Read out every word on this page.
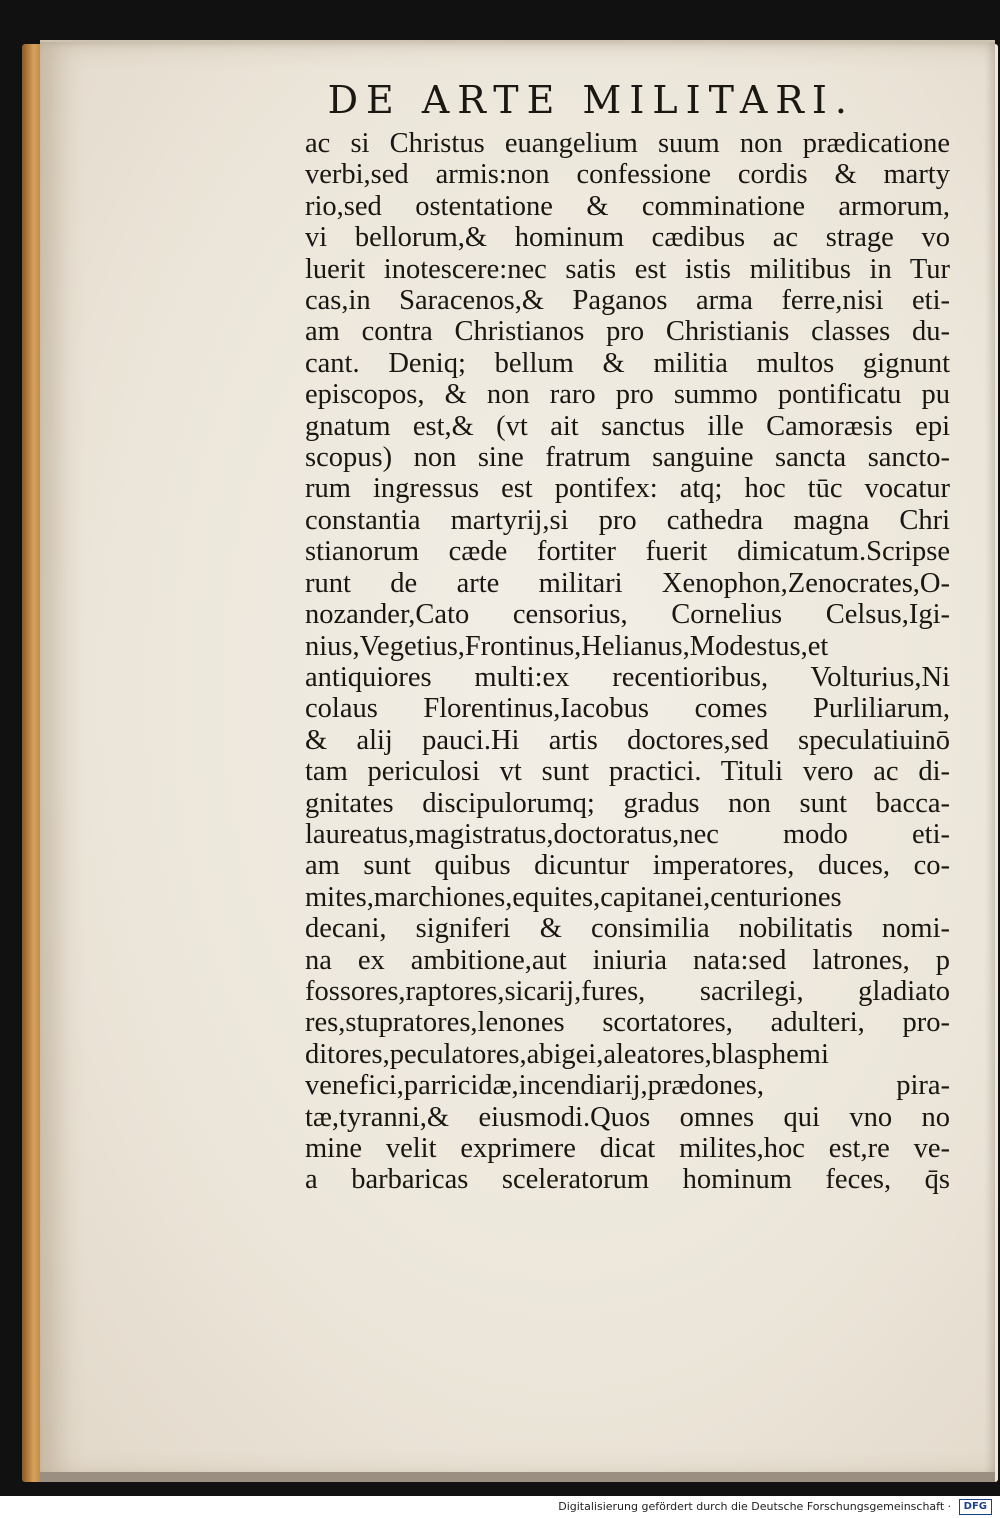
DE ARTE MILITARI.
ac si Christus euangelium suum non prædicatione
verbi,sed armis:non confessione cordis & marty
rio,sed ostentatione & comminatione armorum,
vi bellorum,& hominum cædibus ac strage vo
luerit inotescere:nec satis est istis militibus in Tur
cas,in Saracenos,& Paganos arma ferre,nisi eti-
am contra Christianos pro Christianis classes du-
cant. Deniq; bellum & militia multos gignunt
episcopos, & non raro pro summo pontificatu pu
gnatum est,& (vt ait sanctus ille Camoræsis epi
scopus) non sine fratrum sanguine sancta sancto-
rum ingressus est pontifex: atq; hoc tūc vocatur
constantia martyrij,si pro cathedra magna Chri
stianorum cæde fortiter fuerit dimicatum.Scripse
runt de arte militari Xenophon,Zenocrates,O-
nozander,Cato censorius, Cornelius Celsus,Igi-
nius,Vegetius,Frontinus,Helianus,Modestus,et
antiquiores multi:ex recentioribus, Volturius,Ni
colaus Florentinus,Iacobus comes Purliliarum,
& alij pauci.Hi artis doctores,sed speculatiuinō
tam periculosi vt sunt practici. Tituli vero ac di-
gnitates discipulorumq; gradus non sunt bacca-
laureatus,magistratus,doctoratus,nec modo eti-
am sunt quibus dicuntur imperatores, duces, co-
mites,marchiones,equites,capitanei,centuriones
decani, signiferi & consimilia nobilitatis nomi-
na ex ambitione,aut iniuria nata:sed latrones, p
fossores,raptores,sicarij,fures, sacrilegi, gladiato
res,stupratores,lenones scortatores, adulteri, pro-
ditores,peculatores,abigei,aleatores,blasphemi
venefici,parricidæ,incendiarij,prædones, pira-
tæ,tyranni,& eiusmodi.Quos omnes qui vno no
mine velit exprimere dicat milites,hoc est,re ve-
a barbaricas sceleratorum hominum feces, q̄s
Digitalisierung gefördert durch die Deutsche Forschungsgemeinschaft · DFG
